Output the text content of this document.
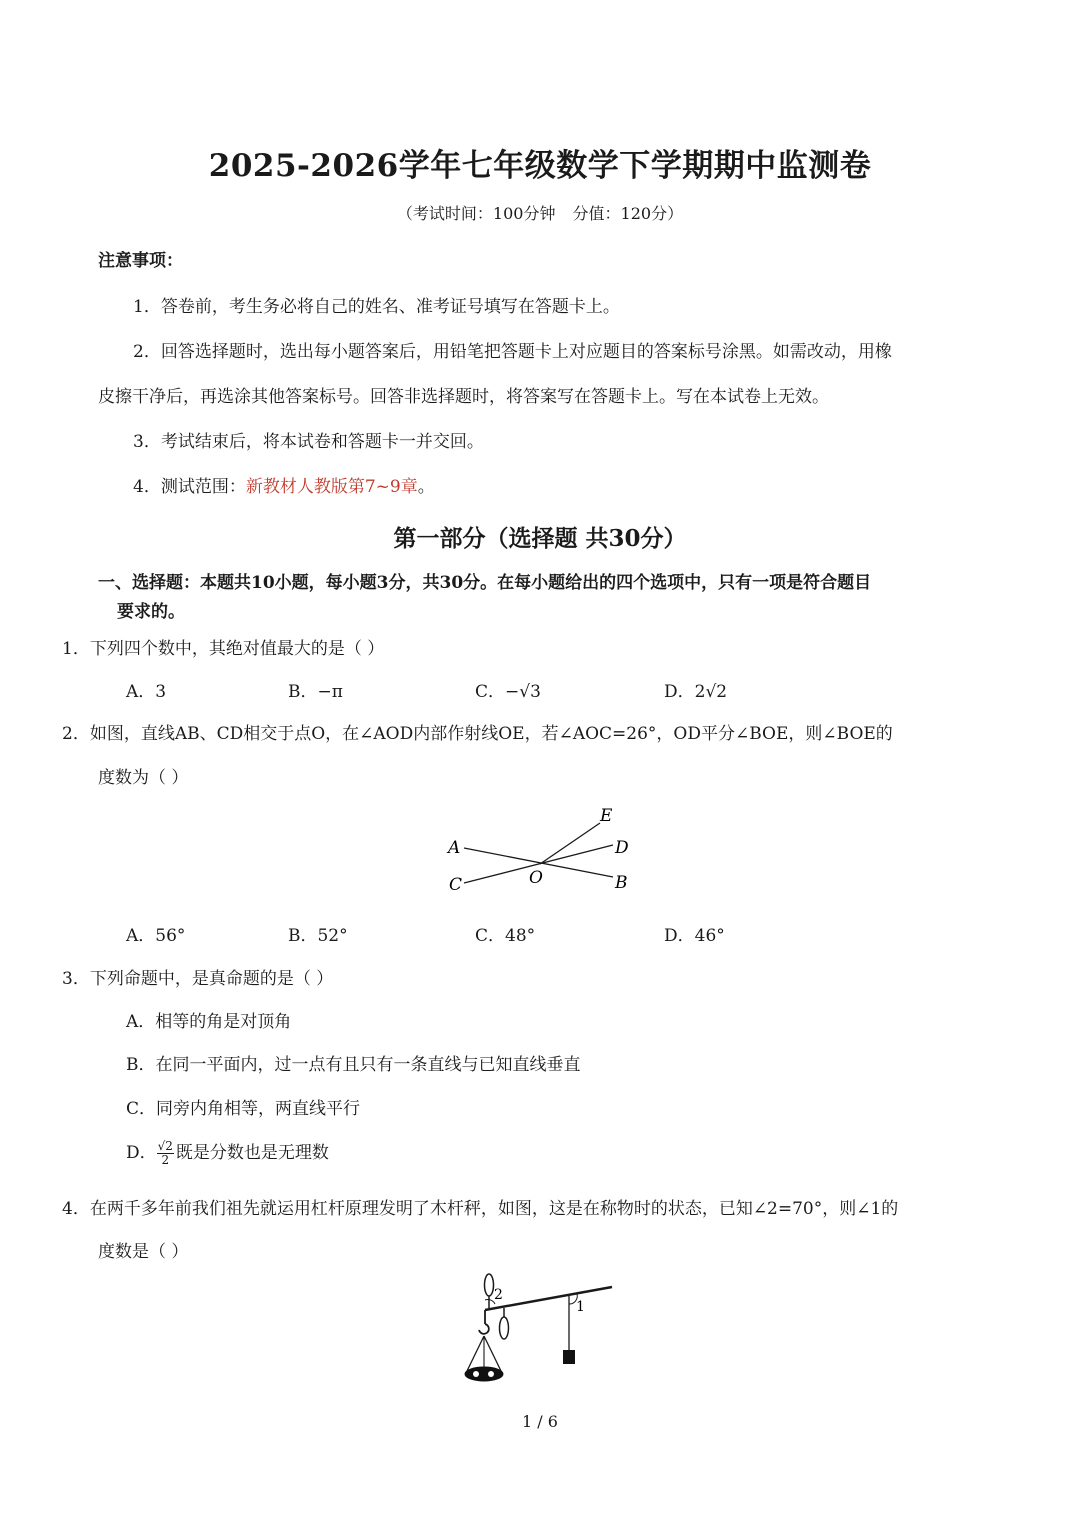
2025-2026学年七年级数学下学期期中监测卷
（考试时间：100分钟 分值：120分）
注意事项：
1．答卷前，考生务必将自己的姓名、准考证号填写在答题卡上。
2．回答选择题时，选出每小题答案后，用铅笔把答题卡上对应题目的答案标号涂黑。如需改动，用橡
皮擦干净后，再选涂其他答案标号。回答非选择题时，将答案写在答题卡上。写在本试卷上无效。
3．考试结束后，将本试卷和答题卡一并交回。
4．测试范围：新教材人教版第7~9章。
第一部分（选择题 共30分）
一、选择题：本题共10小题，每小题3分，共30分。在每小题给出的四个选项中，只有一项是符合题目
要求的。
1．下列四个数中，其绝对值最大的是（ ）
A．3	B．−π	C．−√3	D．2√2
2．如图，直线AB、CD相交于点O，在∠AOD内部作射线OE，若∠AOC=26°，OD平分∠BOE，则∠BOE的
度数为（ ）
A
C
E
D
B
O
A．56°	B．52°	C．48°	D．46°
3．下列命题中，是真命题的是（ ）
A．相等的角是对顶角
B．在同一平面内，过一点有且只有一条直线与已知直线垂直
C．同旁内角相等，两直线平行
D． $\frac{√2}{2}$ 既是分数也是无理数
4．在两千多年前我们祖先就运用杠杆原理发明了木杆秤，如图，这是在称物时的状态，已知∠2=70°，则∠1的
度数是（ ）
2
1
1 / 6
